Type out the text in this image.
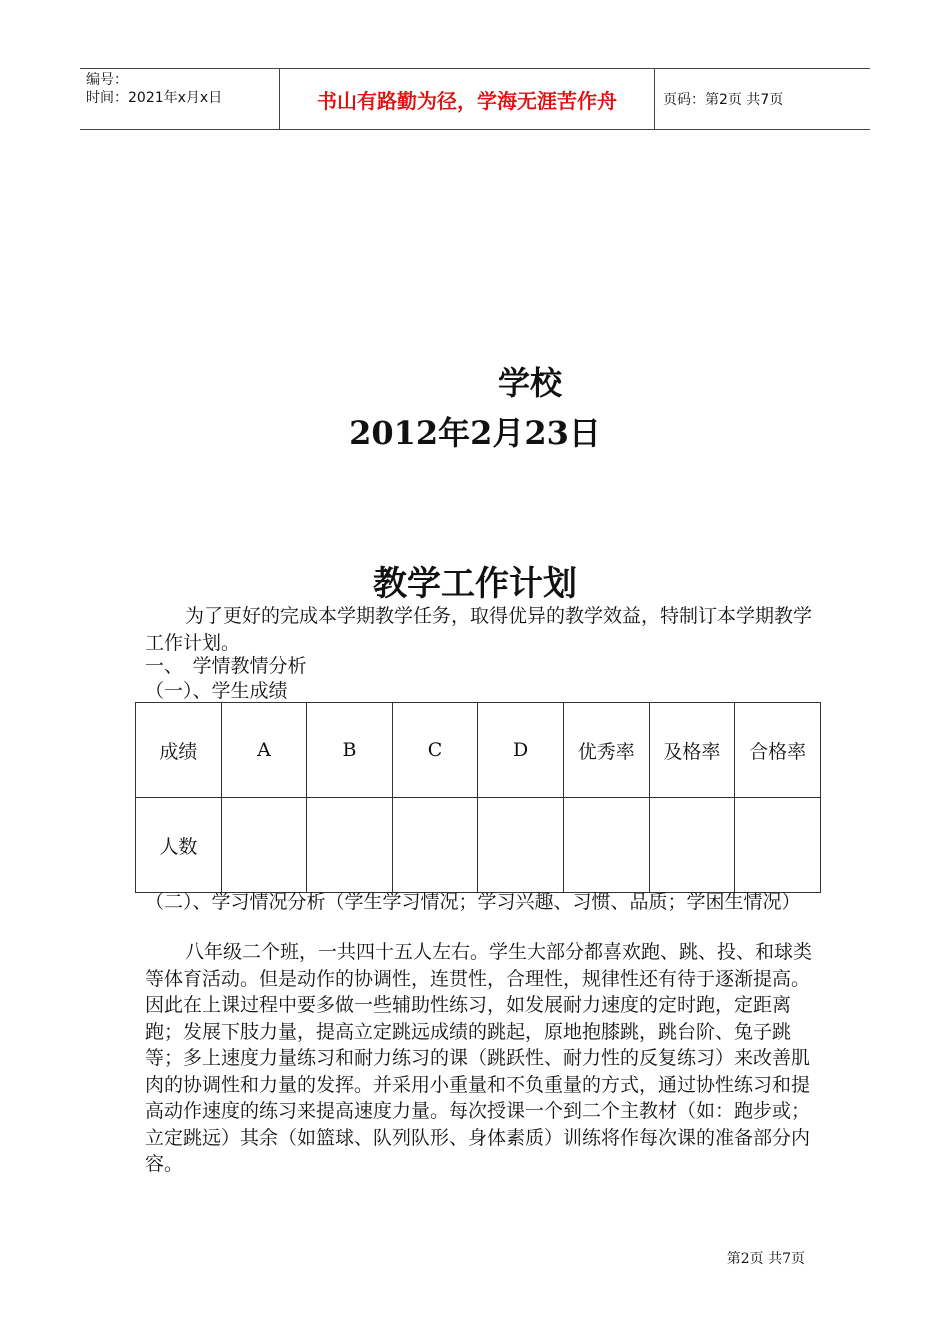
编号：
时间：2021年x月x日	书山有路勤为径，学海无涯苦作舟	页码：第2页 共7页
学校
2012年2月23日
教学工作计划
为了更好的完成本学期教学任务，取得优异的教学效益，特制订本学期教学工作计划。
一、　学情教情分析
（一）、学生成绩
成绩	A	B	C	D	优秀率	及格率	合格率
人数							
（二）、学习情况分析（学生学习情况；学习兴趣、习惯、品质；学困生情况）
八年级二个班，一共四十五人左右。学生大部分都喜欢跑、跳、投、和球类等体育活动。但是动作的协调性，连贯性，合理性，规律性还有待于逐渐提高。因此在上课过程中要多做一些辅助性练习，如发展耐力速度的定时跑，定距离跑；发展下肢力量，提高立定跳远成绩的跳起，原地抱膝跳，跳台阶、兔子跳等；多上速度力量练习和耐力练习的课（跳跃性、耐力性的反复练习）来改善肌肉的协调性和力量的发挥。并采用小重量和不负重量的方式，通过协性练习和提高动作速度的练习来提高速度力量。每次授课一个到二个主教材（如：跑步或；立定跳远）其余（如篮球、队列队形、身体素质）训练将作每次课的准备部分内容。
第2页 共7页
